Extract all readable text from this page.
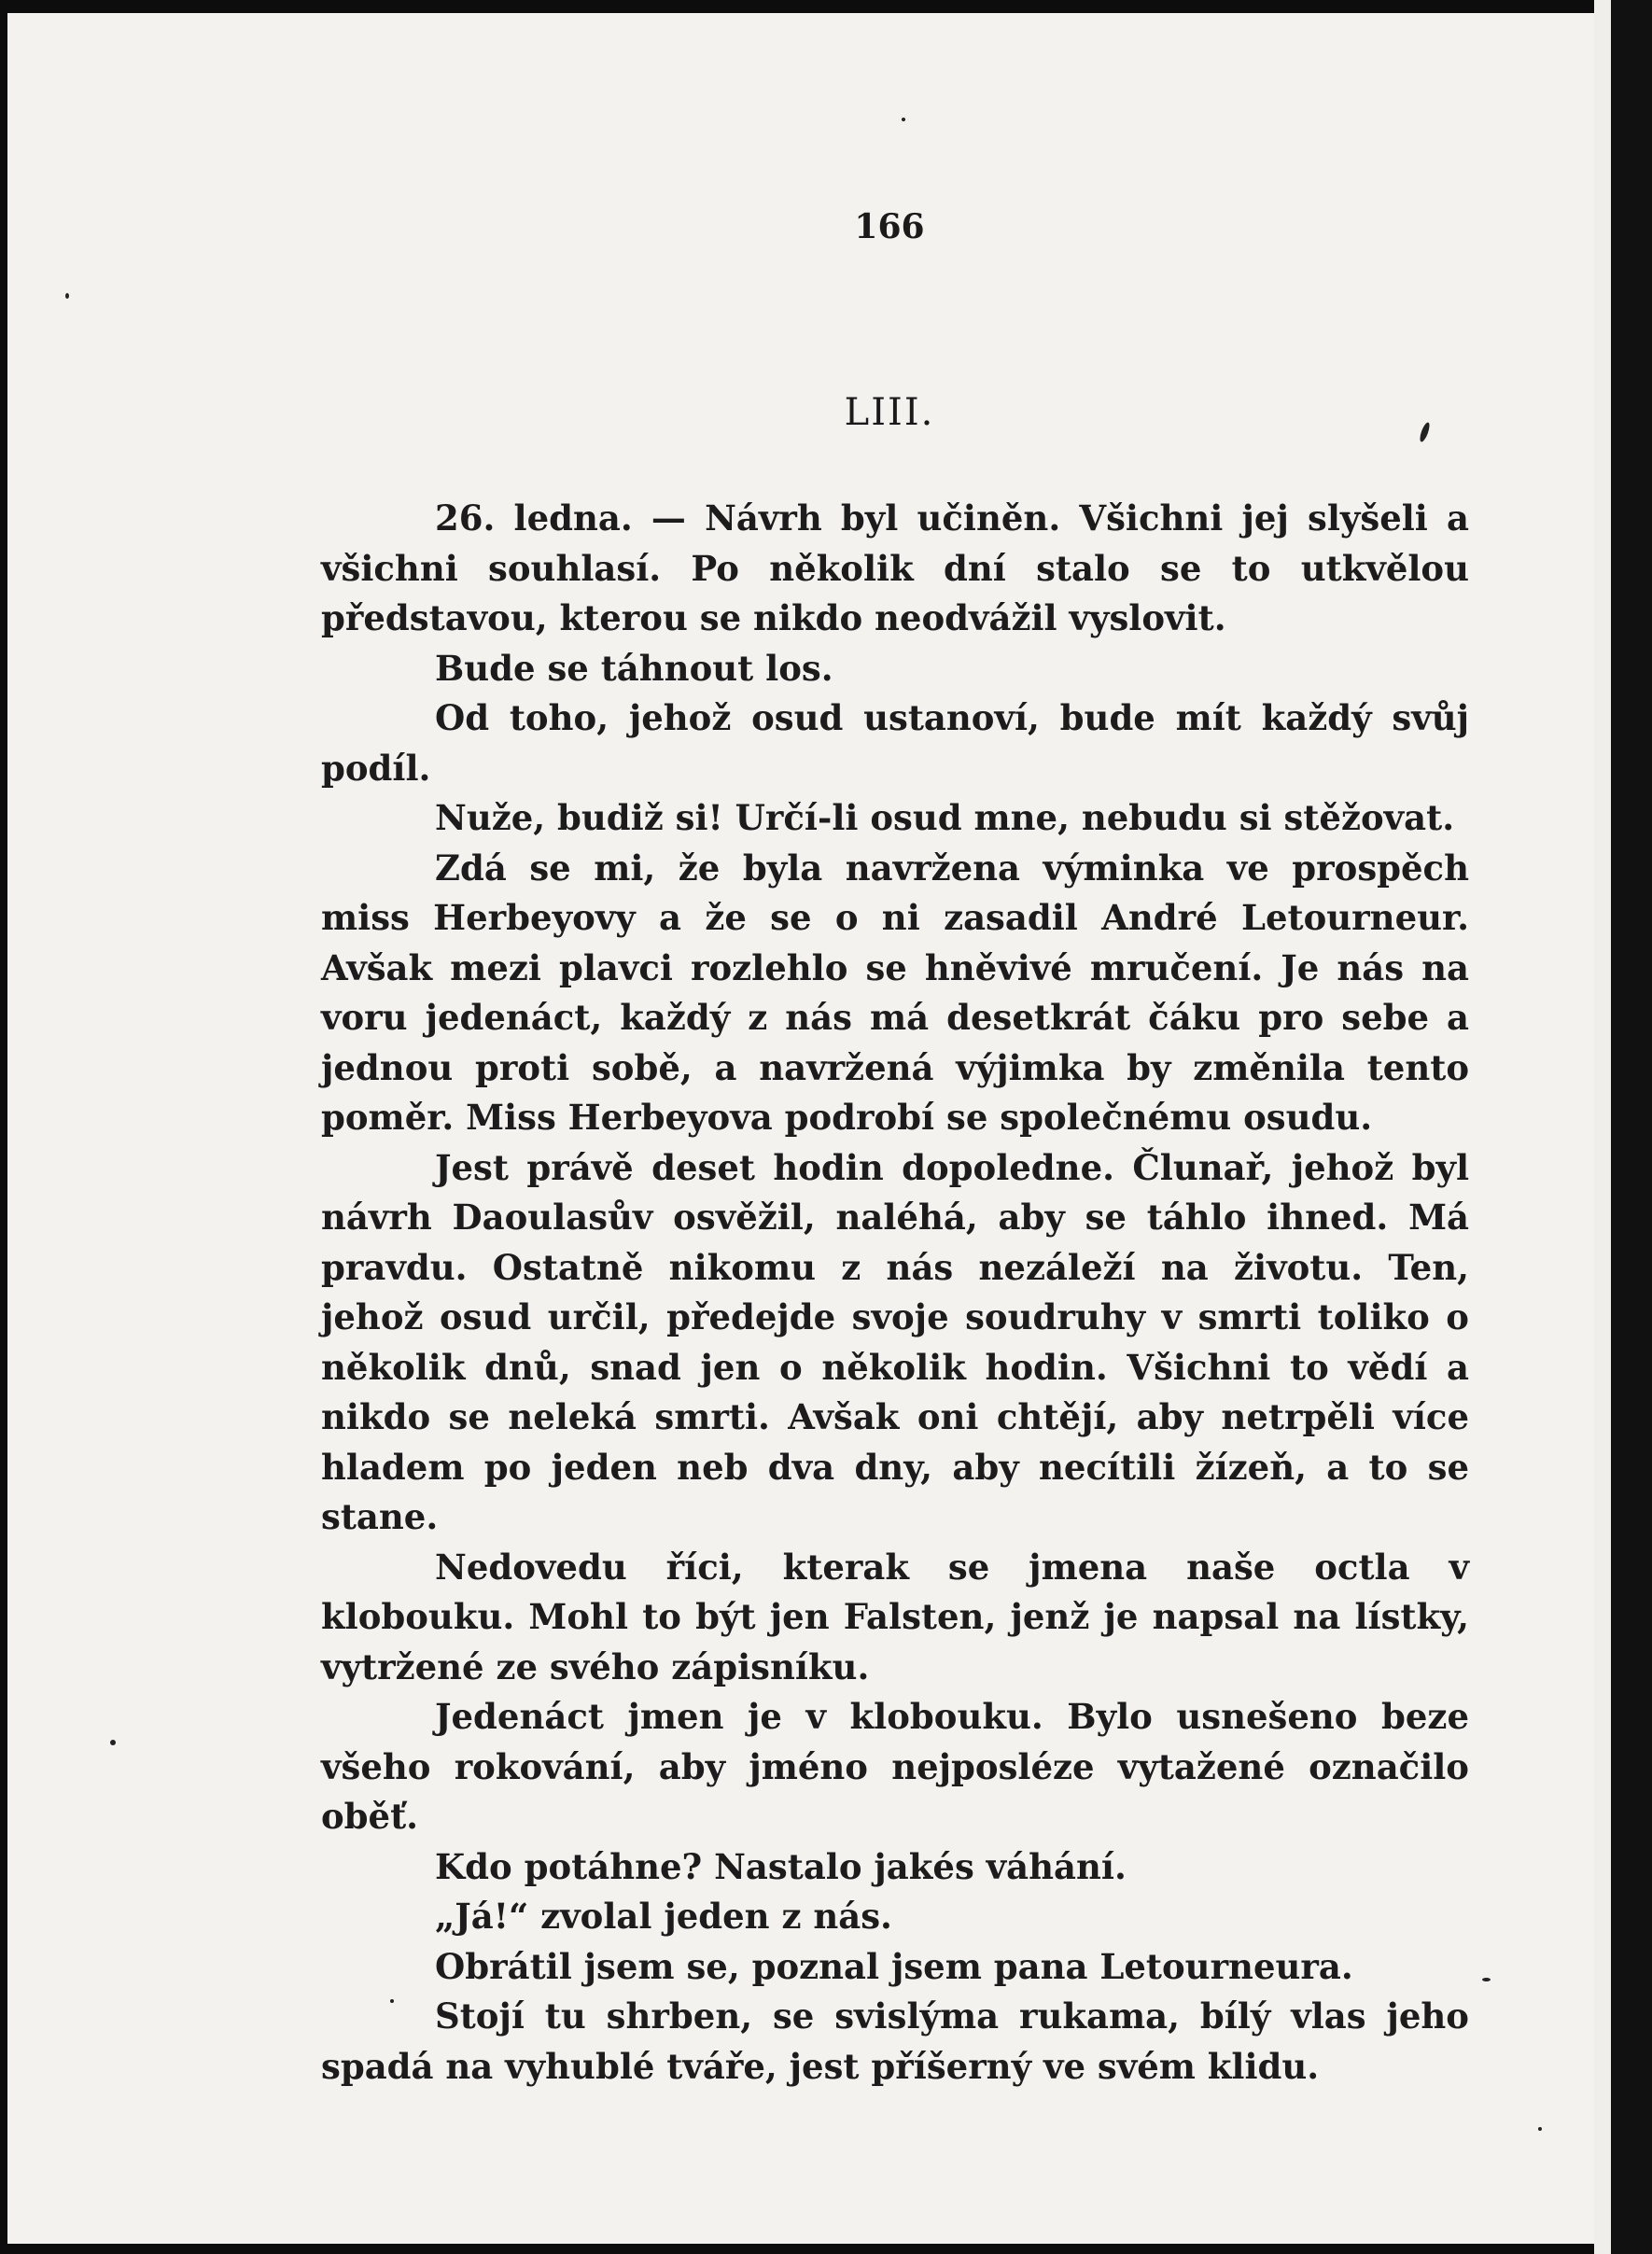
166
LIII.

26. ledna. — Návrh byl učiněn. Všichni jej slyšeli a všichni souhlasí. Po několik dní stalo se to utkvělou představou, kterou se nikdo neodvážil vyslovit.

Bude se táhnout los.

Od toho, jehož osud ustanoví, bude mít každý svůj podíl.

Nuže, budiž si! Určí-li osud mne, nebudu si stěžovat.

Zdá se mi, že byla navržena výminka ve prospěch miss Herbeyovy a že se o ni zasadil André Letourneur. Avšak mezi plavci rozlehlo se hněvivé mručení. Je nás na voru jedenáct, každý z nás má desetkrát čáku pro sebe a jednou proti sobě, a navržená výjimka by změnila tento poměr. Miss Herbeyova podrobí se společnému osudu.

Jest právě deset hodin dopoledne. Člunař, jehož byl návrh Daoulasův osvěžil, naléhá, aby se táhlo ihned. Má pravdu. Ostatně nikomu z nás nezáleží na životu. Ten, jehož osud určil, předejde svoje soudruhy v smrti toliko o několik dnů, snad jen o několik hodin. Všichni to vědí a nikdo se neleká smrti. Avšak oni chtějí, aby netrpěli více hladem po jeden neb dva dny, aby necítili žízeň, a to se stane.

Nedovedu říci, kterak se jmena naše octla v klobouku. Mohl to být jen Falsten, jenž je napsal na lístky, vytržené ze svého zápisníku.

Jedenáct jmen je v klobouku. Bylo usnešeno beze všeho rokování, aby jméno nejposléze vytažené označilo oběť.

Kdo potáhne? Nastalo jakés váhání.

„Já!“ zvolal jeden z nás.

Obrátil jsem se, poznal jsem pana Letourneura.

Stojí tu shrben, se svislýma rukama, bílý vlas jeho spadá na vyhublé tváře, jest příšerný ve svém klidu.
